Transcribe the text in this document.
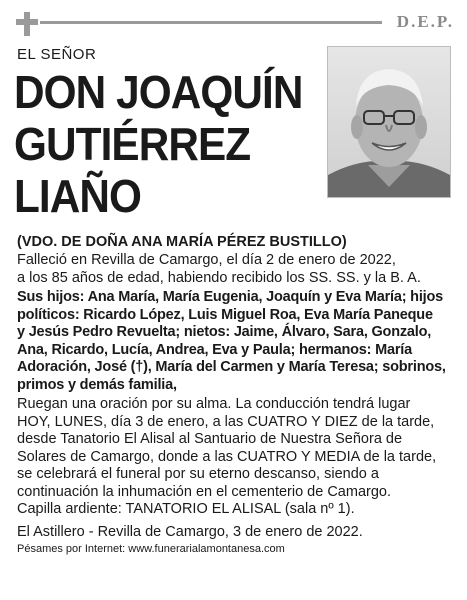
D.E.P.
EL SEÑOR
DON JOAQUÍN
GUTIÉRREZ
LIAÑO
(VDO. DE DOÑA ANA MARÍA PÉREZ BUSTILLO)

Falleció en Revilla de Camargo, el día 2 de enero de 2022,

a los 85 años de edad, habiendo recibido los SS. SS. y la B. A.

Sus hijos: Ana María, María Eugenia, Joaquín y Eva María; hijos

políticos: Ricardo López, Luis Miguel Roa, Eva María Paneque

y Jesús Pedro Revuelta; nietos: Jaime, Álvaro, Sara, Gonzalo,

Ana, Ricardo, Lucía, Andrea, Eva y Paula; hermanos: María

Adoración, José (†), María del Carmen y María Teresa; sobrinos,

primos y demás familia,

Ruegan una oración por su alma. La conducción tendrá lugar

HOY, LUNES, día 3 de enero, a las CUATRO Y DIEZ de la tarde,

desde Tanatorio El Alisal al Santuario de Nuestra Señora de

Solares de Camargo, donde a las CUATRO Y MEDIA de la tarde,

se celebrará el funeral por su eterno descanso, siendo a

continuación la inhumación en el cementerio de Camargo.

Capilla ardiente: TANATORIO EL ALISAL (sala nº 1).

El Astillero - Revilla de Camargo, 3 de enero de 2022.

Pésames por Internet: www.funerarialamontanesa.com
